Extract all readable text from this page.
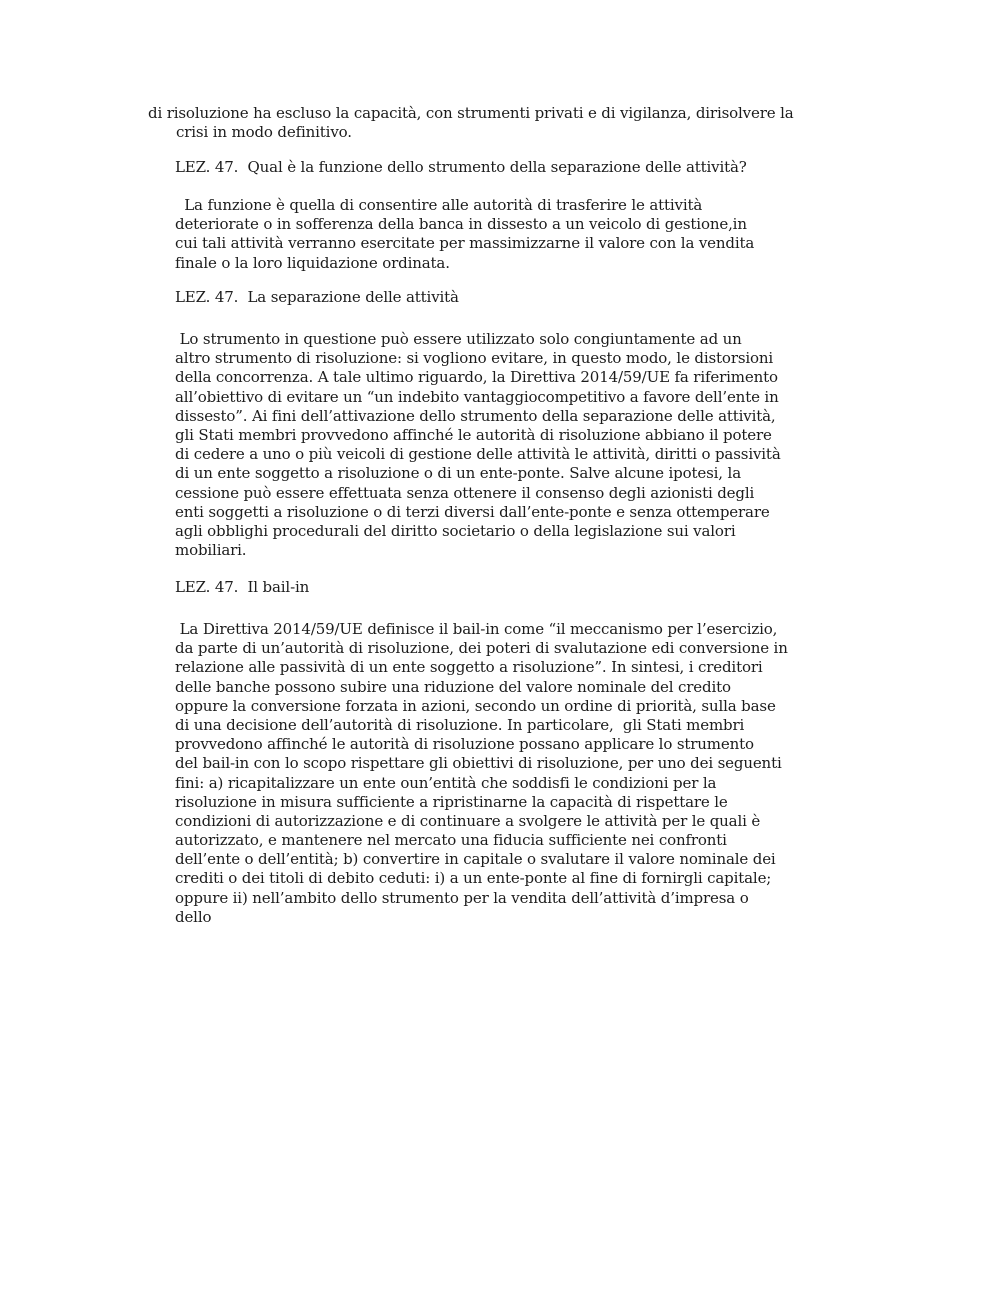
di risoluzione ha escluso la capacità, con strumenti privati e di vigilanza, dirisolvere la
crisi in modo definitivo.
LEZ. 47.  Qual è la funzione dello strumento della separazione delle attività?
La funzione è quella di consentire alle autorità di trasferire le attività
deteriorate o in sofferenza della banca in dissesto a un veicolo di gestione,in
cui tali attività verranno esercitate per massimizzarne il valore con la vendita
finale o la loro liquidazione ordinata.
LEZ. 47.  La separazione delle attività
Lo strumento in questione può essere utilizzato solo congiuntamente ad un
altro strumento di risoluzione: si vogliono evitare, in questo modo, le distorsioni
della concorrenza. A tale ultimo riguardo, la Direttiva 2014/59/UE fa riferimento
all’obiettivo di evitare un “un indebito vantaggiocompetitivo a favore dell’ente in
dissesto”. Ai fini dell’attivazione dello strumento della separazione delle attività,
gli Stati membri provvedono affinché le autorità di risoluzione abbiano il potere
di cedere a uno o più veicoli di gestione delle attività le attività, diritti o passività
di un ente soggetto a risoluzione o di un ente-ponte. Salve alcune ipotesi, la
cessione può essere effettuata senza ottenere il consenso degli azionisti degli
enti soggetti a risoluzione o di terzi diversi dall’ente-ponte e senza ottemperare
agli obblighi procedurali del diritto societario o della legislazione sui valori
mobiliari.
LEZ. 47.  Il bail-in
La Direttiva 2014/59/UE definisce il bail-in come “il meccanismo per l’esercizio,
da parte di un’autorità di risoluzione, dei poteri di svalutazione edi conversione in
relazione alle passività di un ente soggetto a risoluzione”. In sintesi, i creditori
delle banche possono subire una riduzione del valore nominale del credito
oppure la conversione forzata in azioni, secondo un ordine di priorità, sulla base
di una decisione dell’autorità di risoluzione. In particolare,  gli Stati membri
provvedono affinché le autorità di risoluzione possano applicare lo strumento
del bail-in con lo scopo rispettare gli obiettivi di risoluzione, per uno dei seguenti
fini: a) ricapitalizzare un ente oun’entità che soddisfi le condizioni per la
risoluzione in misura sufficiente a ripristinarne la capacità di rispettare le
condizioni di autorizzazione e di continuare a svolgere le attività per le quali è
autorizzato, e mantenere nel mercato una fiducia sufficiente nei confronti
dell’ente o dell’entità; b) convertire in capitale o svalutare il valore nominale dei
crediti o dei titoli di debito ceduti: i) a un ente-ponte al fine di fornirgli capitale;
oppure ii) nell’ambito dello strumento per la vendita dell’attività d’impresa o
dello
